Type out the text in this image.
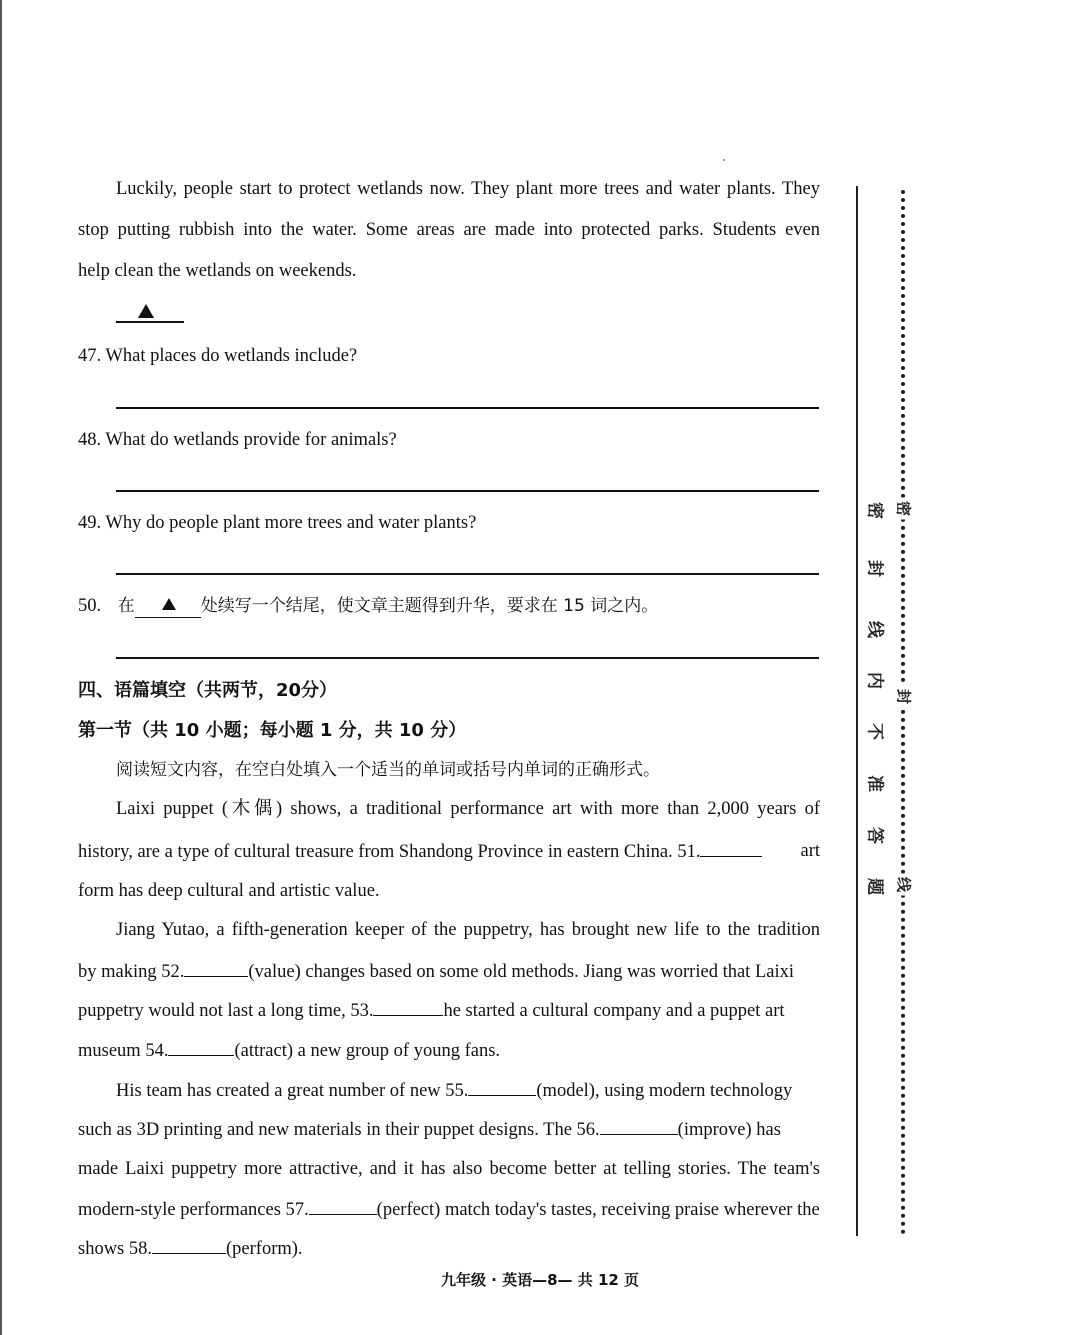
Luckily, people start to protect wetlands now. They plant more trees and water plants. They
stop putting rubbish into the water. Some areas are made into protected parks. Students even
help clean the wetlands on weekends.
47. What places do wetlands include?
48. What do wetlands provide for animals?
49. Why do people plant more trees and water plants?
50. 在	处续写一个结尾，使文章主题得到升华，要求在 15 词之内。
四、语篇填空（共两节，20分）
第一节（共 10 小题；每小题 1 分，共 10 分）
阅读短文内容，在空白处填入一个适当的单词或括号内单词的正确形式。
Laixi puppet (木偶) shows, a traditional performance art with more than 2,000 years of
history, are a type of cultural treasure from Shandong Province in eastern China. 51.	art
form has deep cultural and artistic value.
Jiang Yutao, a fifth-generation keeper of the puppetry, has brought new life to the tradition
by making 52.	(value) changes based on some old methods. Jiang was worried that Laixi
puppetry would not last a long time, 53.	he started a cultural company and a puppet art
museum 54.	(attract) a new group of young fans.
His team has created a great number of new 55.	(model), using modern technology
such as 3D printing and new materials in their puppet designs. The 56.	(improve) has
made Laixi puppetry more attractive, and it has also become better at telling stories. The team's
modern-style performances 57.	(perfect) match today's tastes, receiving praise wherever the
shows 58.	(perform).
密
封
线
内
不
准
答
题
密
封
线
九年级 · 英语—8— 共 12 页
